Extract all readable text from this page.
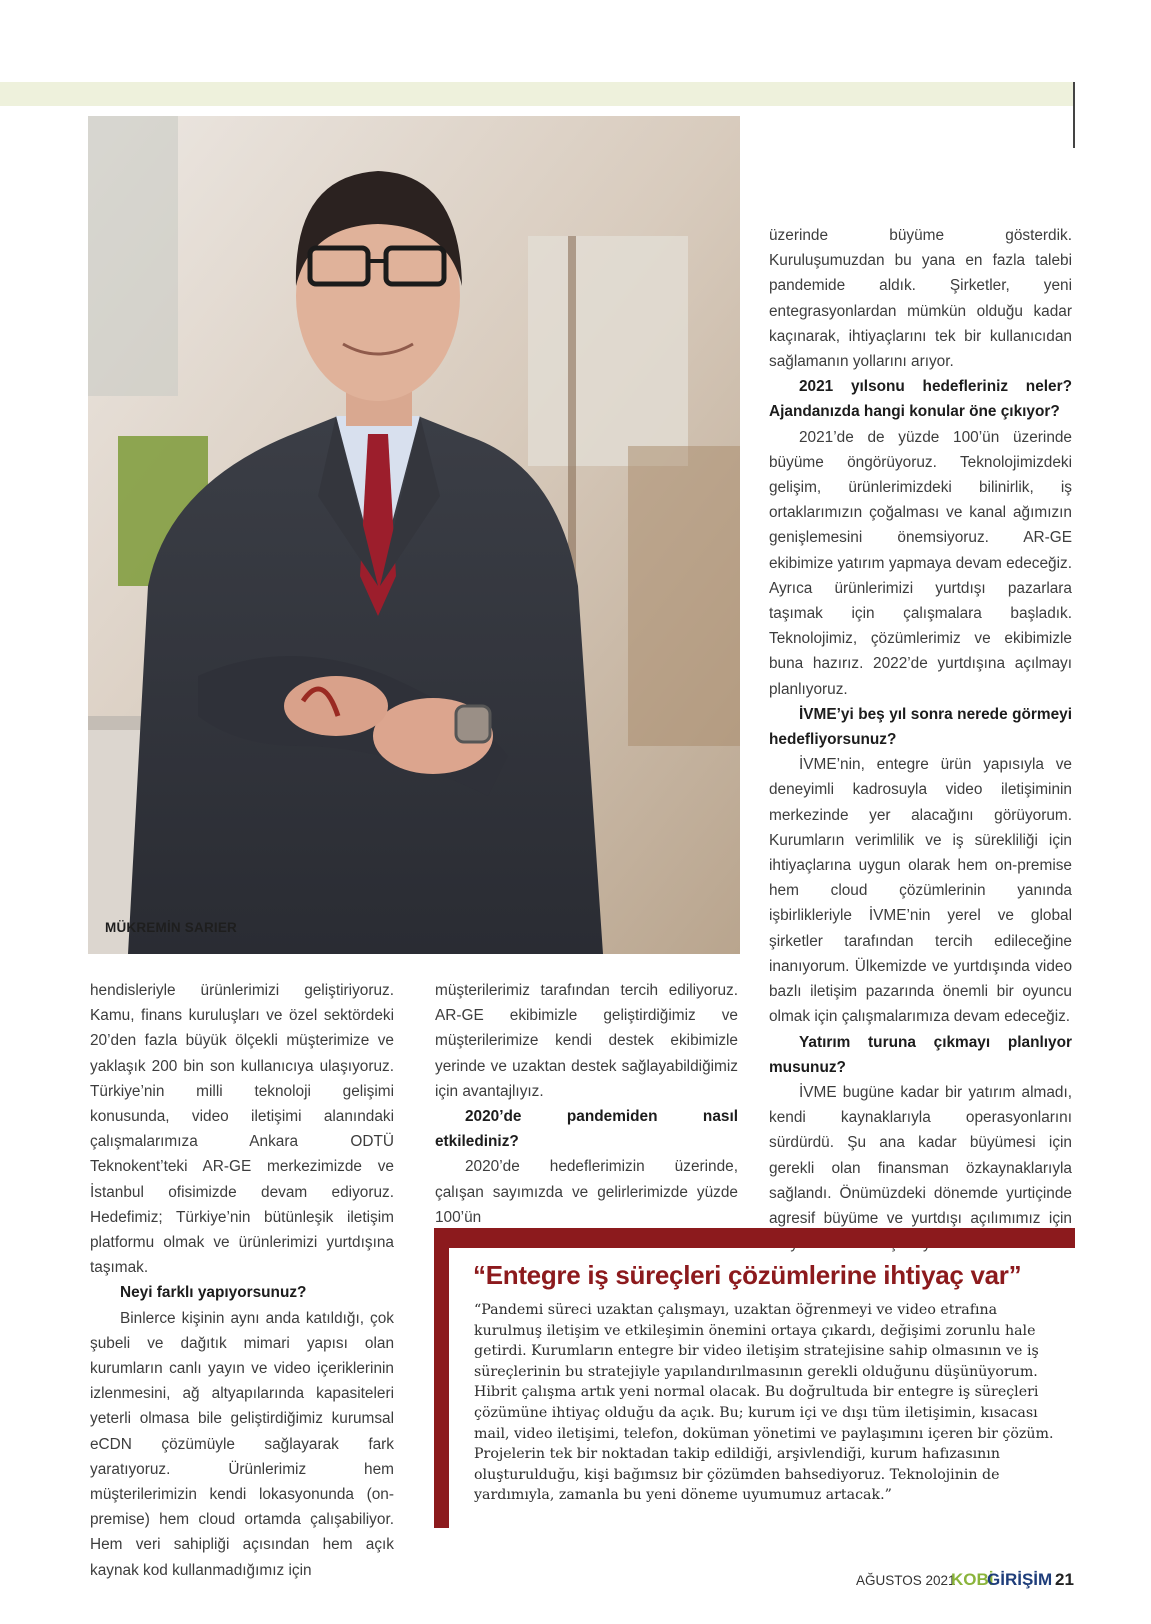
MÜKREMİN SARIER

hendisleriyle ürünlerimizi geliştiriyoruz. Kamu, finans kuruluşları ve özel sektördeki 20’den fazla büyük ölçekli müşterimize ve yaklaşık 200 bin son kullanıcıya ulaşıyoruz. Türkiye’nin milli teknoloji gelişimi konusunda, video iletişimi alanındaki çalışmalarımıza Ankara ODTÜ Teknokent’teki AR-GE merkezimizde ve İstanbul ofisimizde devam ediyoruz. Hedefimiz; Türkiye’nin bütünleşik iletişim platformu olmak ve ürünlerimizi yurtdışına taşımak.

Neyi farklı yapıyorsunuz?

Binlerce kişinin aynı anda katıldığı, çok şubeli ve dağıtık mimari yapısı olan kurumların canlı yayın ve video içeriklerinin izlenmesini, ağ altyapılarında kapasiteleri yeterli olmasa bile geliştirdiğimiz kurumsal eCDN çözümüyle sağlayarak fark yaratıyoruz. Ürünlerimiz hem müşterilerimizin kendi lokasyonunda (on-premise) hem cloud ortamda çalışabiliyor. Hem veri sahipliği açısından hem açık kaynak kod kullanmadığımız için

müşterilerimiz tarafından tercih ediliyoruz. AR-GE ekibimizle geliştirdiğimiz ve müşterilerimize kendi destek ekibimizle yerinde ve uzaktan destek sağlayabildiğimiz için avantajlıyız.

2020’de pandemiden nasıl etkilediniz?

2020’de hedeflerimizin üzerinde, çalışan sayımızda ve gelirlerimizde yüzde 100’ün

üzerinde büyüme gösterdik. Kuruluşumuzdan bu yana en fazla talebi pandemide aldık. Şirketler, yeni entegrasyonlardan mümkün olduğu kadar kaçınarak, ihtiyaçlarını tek bir kullanıcıdan sağlamanın yollarını arıyor.

2021 yılsonu hedefleriniz neler? Ajandanızda hangi konular öne çıkıyor?

2021’de de yüzde 100’ün üzerinde büyüme öngörüyoruz. Teknolojimizdeki gelişim, ürünlerimizdeki bilinirlik, iş ortaklarımızın çoğalması ve kanal ağımızın genişlemesini önemsiyoruz. AR-GE ekibimize yatırım yapmaya devam edeceğiz. Ayrıca ürünlerimizi yurtdışı pazarlara taşımak için çalışmalara başladık. Teknolojimiz, çözümlerimiz ve ekibimizle buna hazırız. 2022’de yurtdışına açılmayı planlıyoruz.

İVME’yi beş yıl sonra nerede görmeyi hedefliyorsunuz?

İVME’nin, entegre ürün yapısıyla ve deneyimli kadrosuyla video iletişiminin merkezinde yer alacağını görüyorum. Kurumların verimlilik ve iş sürekliliği için ihtiyaçlarına uygun olarak hem on-premise hem cloud çözümlerinin yanında işbirlikleriyle İVME’nin yerel ve global şirketler tarafından tercih edileceğine inanıyorum. Ülkemizde ve yurtdışında video bazlı iletişim pazarında önemli bir oyuncu olmak için çalışmalarımıza devam edeceğiz.

Yatırım turuna çıkmayı planlıyor musunuz?

İVME bugüne kadar bir yatırım almadı, kendi kaynaklarıyla operasyonlarını sürdürdü. Şu ana kadar büyümesi için gerekli olan finansman özkaynaklarıyla sağlandı. Önümüzdeki dönemde yurtiçinde agresif büyüme ve yurtdışı açılımımız için

“Entegre iş süreçleri çözümlerine ihtiyaç var”
“Pandemi süreci uzaktan çalışmayı, uzaktan öğrenmeyi ve video etrafına kurulmuş iletişim ve etkileşimin önemini ortaya çıkardı, değişimi zorunlu hale getirdi. Kurumların entegre bir video iletişim stratejisine sahip olmasının ve iş süreçlerinin bu stratejiyle yapılandırılmasının gerekli olduğunu düşünüyorum. Hibrit çalışma artık yeni normal olacak. Bu doğrultuda bir entegre iş süreçleri çözümüne ihtiyaç olduğu da açık. Bu; kurum içi ve dışı tüm iletişimin, kısacası mail, video iletişimi, telefon, doküman yönetimi ve paylaşımını içeren bir çözüm. Projelerin tek bir noktadan takip edildiği, arşivlendiği, kurum hafızasının oluşturulduğu, kişi bağımsız bir çözümden bahsediyoruz. Teknolojinin de yardımıyla, zamanla bu yeni döneme uyumumuz artacak.”
AĞUSTOS 2021
KOBİ
GİRİŞİM 21
